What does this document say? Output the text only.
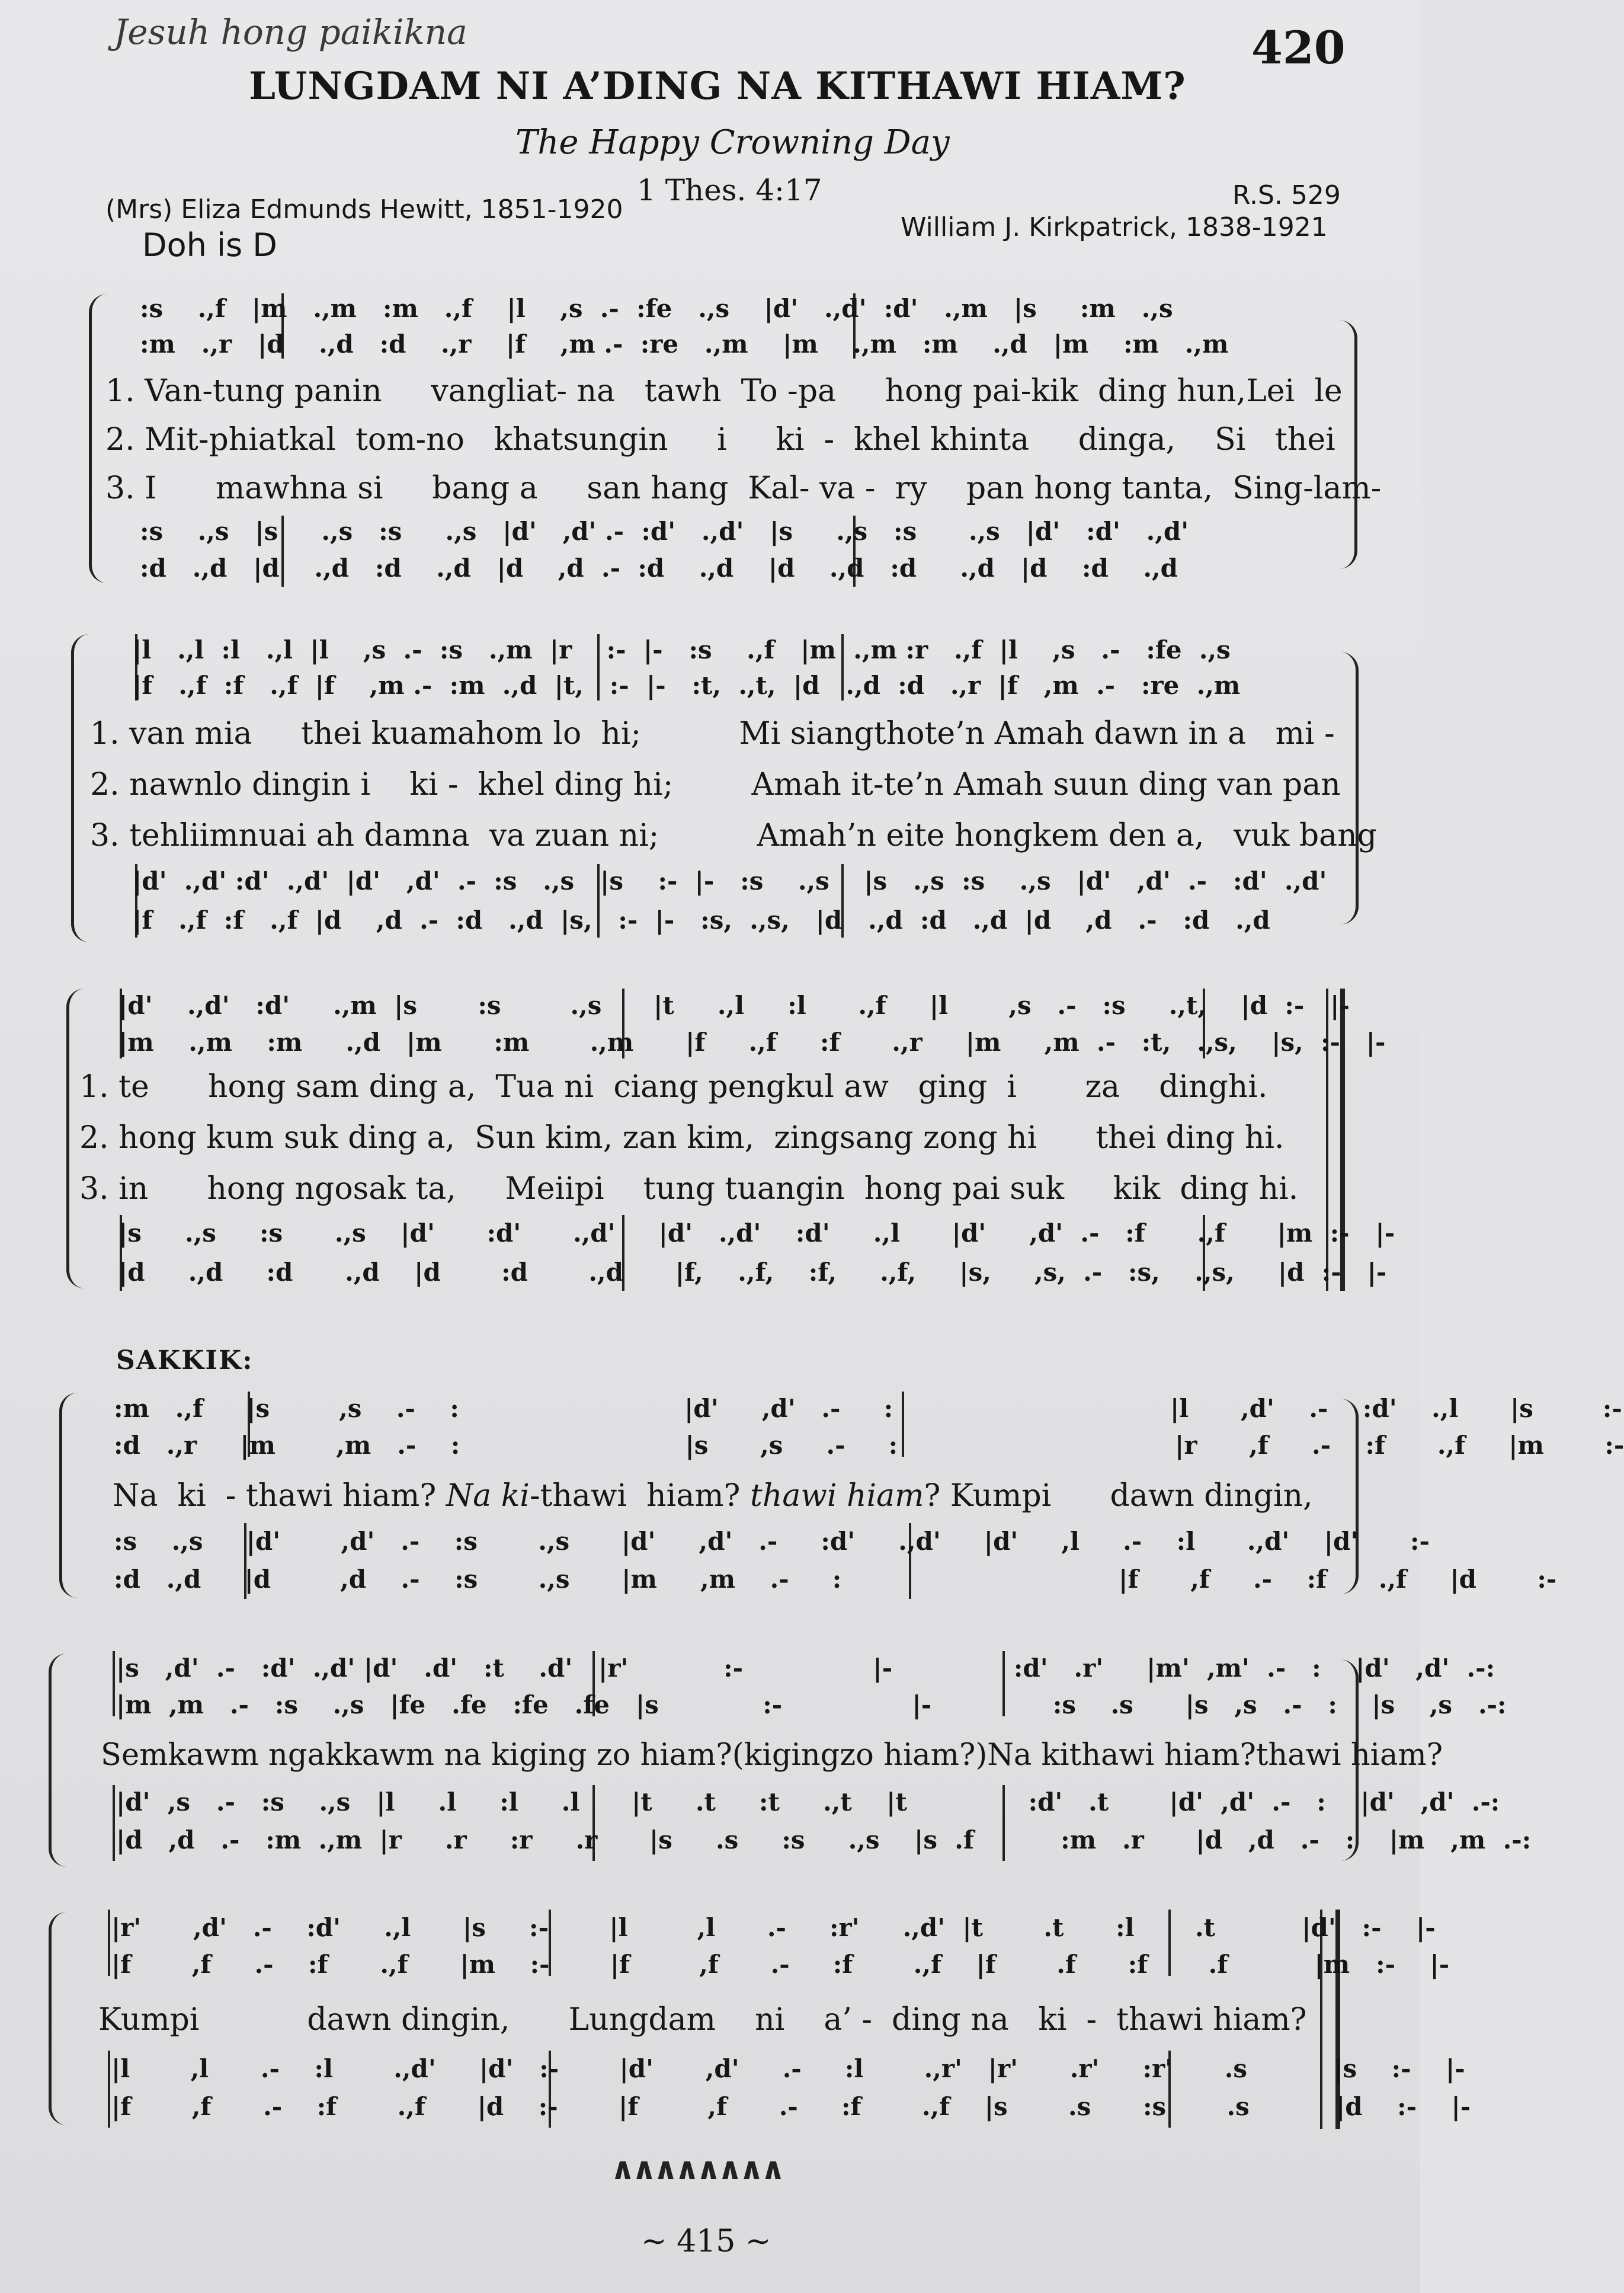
Jesuh hong paikikna	420
LUNGDAM NI A’DING NA KITHAWI HIAM?
The Happy Crowning Day
(Mrs) Eliza Edmunds Hewitt, 1851-1920
1 Thes. 4:17	R.S. 529
William J. Kirkpatrick, 1838-1921
Doh is D
:s    .,f   |m   .,m   :m   .,f    |l    ,s  .-  :fe   .,s    |d'   .,d'  :d'   .,m   |s     :m   .,s
:m   .,r   |d    .,d   :d    .,r    |f    ,m .-  :re   .,m    |m    .,m   :m    .,d   |m    :m   .,m
1. Van-tung panin     vangliat- na   tawh  To -pa     hong pai-kik  ding hun,Lei  le
2. Mit-phiatkal  tom-no   khatsungin     i     ki  -  khel khinta     dinga,    Si   thei
3. I      mawhna si     bang a     san hang  Kal- va -  ry    pan hong tanta,  Sing-lam-
:s    .,s   |s     .,s   :s     .,s   |d'   ,d' .-  :d'   .,d'   |s     .,s   :s      .,s   |d'   :d'   .,d'
:d   .,d   |d    .,d   :d    .,d   |d    ,d  .-  :d    .,d    |d    .,d   :d     .,d   |d    :d    .,d
|l   .,l  :l   .,l  |l    ,s  .-  :s   .,m  |r    :-  |-   :s    .,f   |m  .,m :r   .,f  |l    ,s   .-   :fe  .,s
|f   .,f  :f   .,f  |f    ,m .-  :m  .,d  |t,   :-  |-   :t,  .,t,  |d   .,d  :d   .,r  |f   ,m  .-   :re  .,m
1. van mia     thei kuamahom lo  hi;          Mi siangthote’n Amah dawn in a   mi -
2. nawnlo dingin i    ki -  khel ding hi;        Amah it-te’n Amah suun ding van pan
3. tehliimnuai ah damna  va zuan ni;          Amah’n eite hongkem den a,   vuk bang
|d'  .,d' :d'  .,d'  |d'   ,d'  .-  :s   .,s   |s    :-  |-   :s    .,s    |s   .,s  :s    .,s   |d'   ,d'  .-   :d'  .,d'
|f   .,f  :f   .,f  |d    ,d  .-  :d   .,d  |s,   :-  |-   :s,  .,s,   |d   .,d  :d   .,d  |d    ,d   .-   :d   .,d
|d'    .,d'   :d'     .,m  |s       :s        .,s      |t     .,l     :l      .,f     |l       ,s   .-   :s     .,t,    |d  :-   |-
|m    .,m    :m     .,d   |m      :m       .,m      |f     .,f     :f      .,r     |m     ,m  .-   :t,   .,s,    |s,  :-   |-
1. te      hong sam ding a,  Tua ni  ciang pengkul aw   ging  i       za    dinghi.
2. hong kum suk ding a,  Sun kim, zan kim,  zingsang zong hi      thei ding hi.
3. in      hong ngosak ta,     Meiipi    tung tuangin  hong pai suk     kik  ding hi.
|s     .,s     :s      .,s    |d'      :d'      .,d'     |d'   .,d'    :d'     .,l      |d'     ,d'  .-   :f      .,f      |m  :-   |-
|d     .,d     :d      .,d    |d       :d       .,d      |f,    .,f,    :f,     .,f,     |s,     ,s,  .-   :s,    .,s,     |d  :-   |-
SAKKIK:
:m   .,f     |s        ,s    .-    :                          |d'     ,d'   .-     :                                |l      ,d'    .-    :d'    .,l      |s        :-
:d   .,r     |m       ,m   .-    :                          |s      ,s     .-     :                                |r      ,f     .-    :f      .,f     |m       :-
Na  ki  - thawi hiam? Na ki-thawi  hiam? thawi hiam? Kumpi      dawn dingin,
:s    .,s     |d'       ,d'   .-    :s       .,s      |d'     ,d'   .-     :d'     .,d'     |d'     ,l     .-    :l      .,d'    |d'      :-
:d   .,d     |d        ,d    .-    :s       .,s      |m     ,m    .-     :                                |f      ,f     .-    :f      .,f     |d       :-
|s   ,d'  .-   :d'  .,d' |d'   .d'   :t    .d'   |r'           :-               |-              :d'   .r'     |m'  ,m'  .-   :    |d'   ,d'  .-:
|m  ,m   .-   :s    .,s   |fe   .fe   :fe   .fe   |s            :-               |-              :s    .s      |s   ,s   .-   :    |s    ,s   .-:
Semkawm ngakkawm na kiging zo hiam?(kigingzo hiam?)Na kithawi hiam?thawi hiam?
|d'  ,s   .-   :s    .,s   |l     .l     :l     .l      |t     .t     :t     .,t    |t              :d'   .t       |d'  ,d'  .-   :    |d'   ,d'  .-:
|d   ,d   .-   :m  .,m  |r     .r     :r     .r      |s     .s     :s     .,s    |s  .f          :m   .r      |d   ,d   .-   :    |m   ,m  .-:
|r'      ,d'   .-    :d'     .,l      |s     :-       |l        ,l      .-     :r'     .,d'  |t       .t      :l       .t          |d'   :-    |-
|f       ,f     .-    :f      .,f      |m    :-       |f        ,f      .-     :f       .,f    |f       .f      :f       .f          |m   :-    |-
Kumpi           dawn dingin,      Lungdam    ni    a’ -  ding na   ki  -  thawi hiam?
|l       ,l      .-    :l       .,d'     |d'   :-       |d'      ,d'     .-     :l       .,r'   |r'      .r'     :r'      .s          |s    :-    |-
|f       ,f      .-    :f       .,f      |d    :-       |f        ,f      .-     :f       .,f    |s       .s      :s       .s          |d    :-    |-
∧∧∧∧∧∧∧∧
~ 415 ~
